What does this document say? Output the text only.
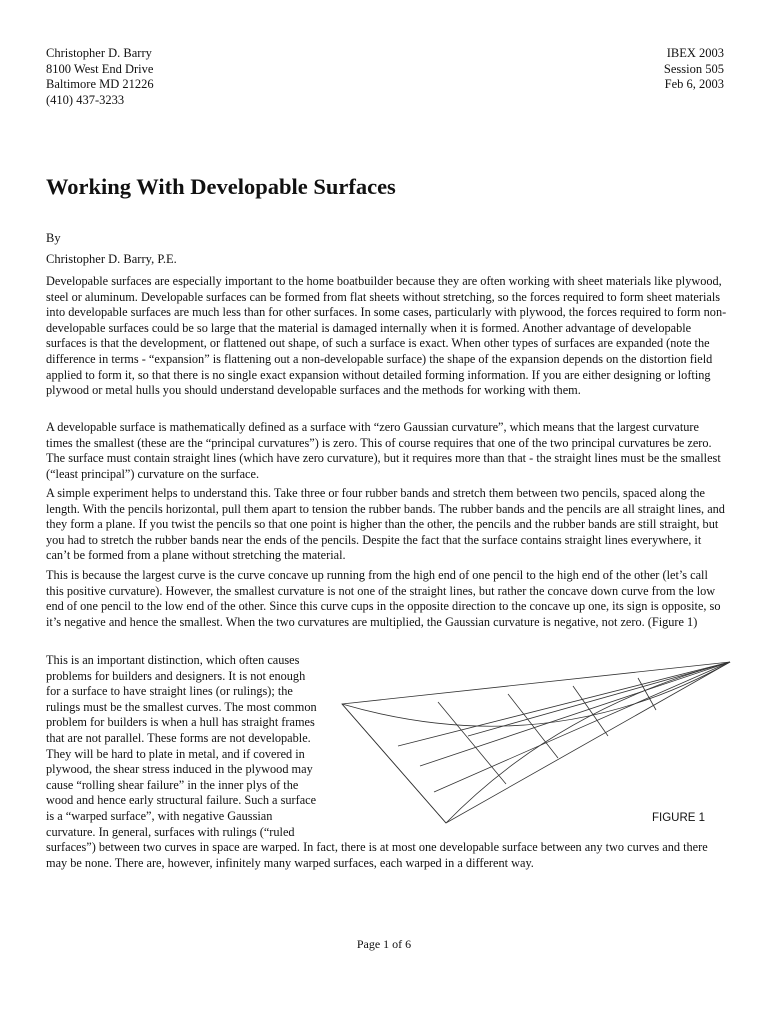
Christopher D. Barry
8100 West End Drive
Baltimore MD 21226
(410) 437-3233
IBEX 2003
Session 505
Feb 6, 2003
Working With Developable Surfaces
By
Christopher D. Barry, P.E.

Developable surfaces are especially important to the home boatbuilder because they are often working with sheet materials like plywood, steel or aluminum. Developable surfaces can be formed from flat sheets without stretching, so the forces required to form sheet materials into developable surfaces are much less than for other surfaces. In some cases, particularly with plywood, the forces required to form non-developable surfaces could be so large that the material is damaged internally when it is formed. Another advantage of developable surfaces is that the development, or flattened out shape, of such a surface is exact. When other types of surfaces are expanded (note the difference in terms - “expansion” is flattening out a non-developable surface) the shape of the expansion depends on the distortion field applied to form it, so that there is no single exact expansion without detailed forming information. If you are either designing or lofting plywood or metal hulls you should understand developable surfaces and the methods for working with them.

A developable surface is mathematically defined as a surface with “zero Gaussian curvature”, which means that the largest curvature times the smallest (these are the “principal curvatures”) is zero. This of course requires that one of the two principal curvatures be zero. The surface must contain straight lines (which have zero curvature), but it requires more than that - the straight lines must be the smallest (“least principal”) curvature on the surface.

A simple experiment helps to understand this. Take three or four rubber bands and stretch them between two pencils, spaced along the length. With the pencils horizontal, pull them apart to tension the rubber bands. The rubber bands and the pencils are all straight lines, and they form a plane. If you twist the pencils so that one point is higher than the other, the pencils and the rubber bands are still straight, but you had to stretch the rubber bands near the ends of the pencils. Despite the fact that the surface contains straight lines everywhere, it can’t be formed from a plane without stretching the material.

This is because the largest curve is the curve concave up running from the high end of one pencil to the high end of the other (let’s call this positive curvature). However, the smallest curvature is not one of the straight lines, but rather the concave down curve from the low end of one pencil to the low end of the other. Since this curve cups in the opposite direction to the concave up one, its sign is opposite, so it’s negative and hence the smallest. When the two curvatures are multiplied, the Gaussian curvature is negative, not zero. (Figure 1)

This is an important distinction, which often causes
problems for builders and designers. It is not enough
for a surface to have straight lines (or rulings); the
rulings must be the smallest curves. The most common
problem for builders is when a hull has straight frames
that are not parallel. These forms are not developable.
They will be hard to plate in metal, and if covered in
plywood, the shear stress induced in the plywood may
cause “rolling shear failure” in the inner plys of the
wood and hence early structural failure. Such a surface
is a “warped surface”, with negative Gaussian
curvature. In general, surfaces with rulings (“ruled
surfaces”) between two curves in space are warped. In fact, there is at most one developable surface between any two curves and there may be none. There are, however, infinitely many warped surfaces, each warped in a different way.
FIGURE 1
Page 1 of 6
